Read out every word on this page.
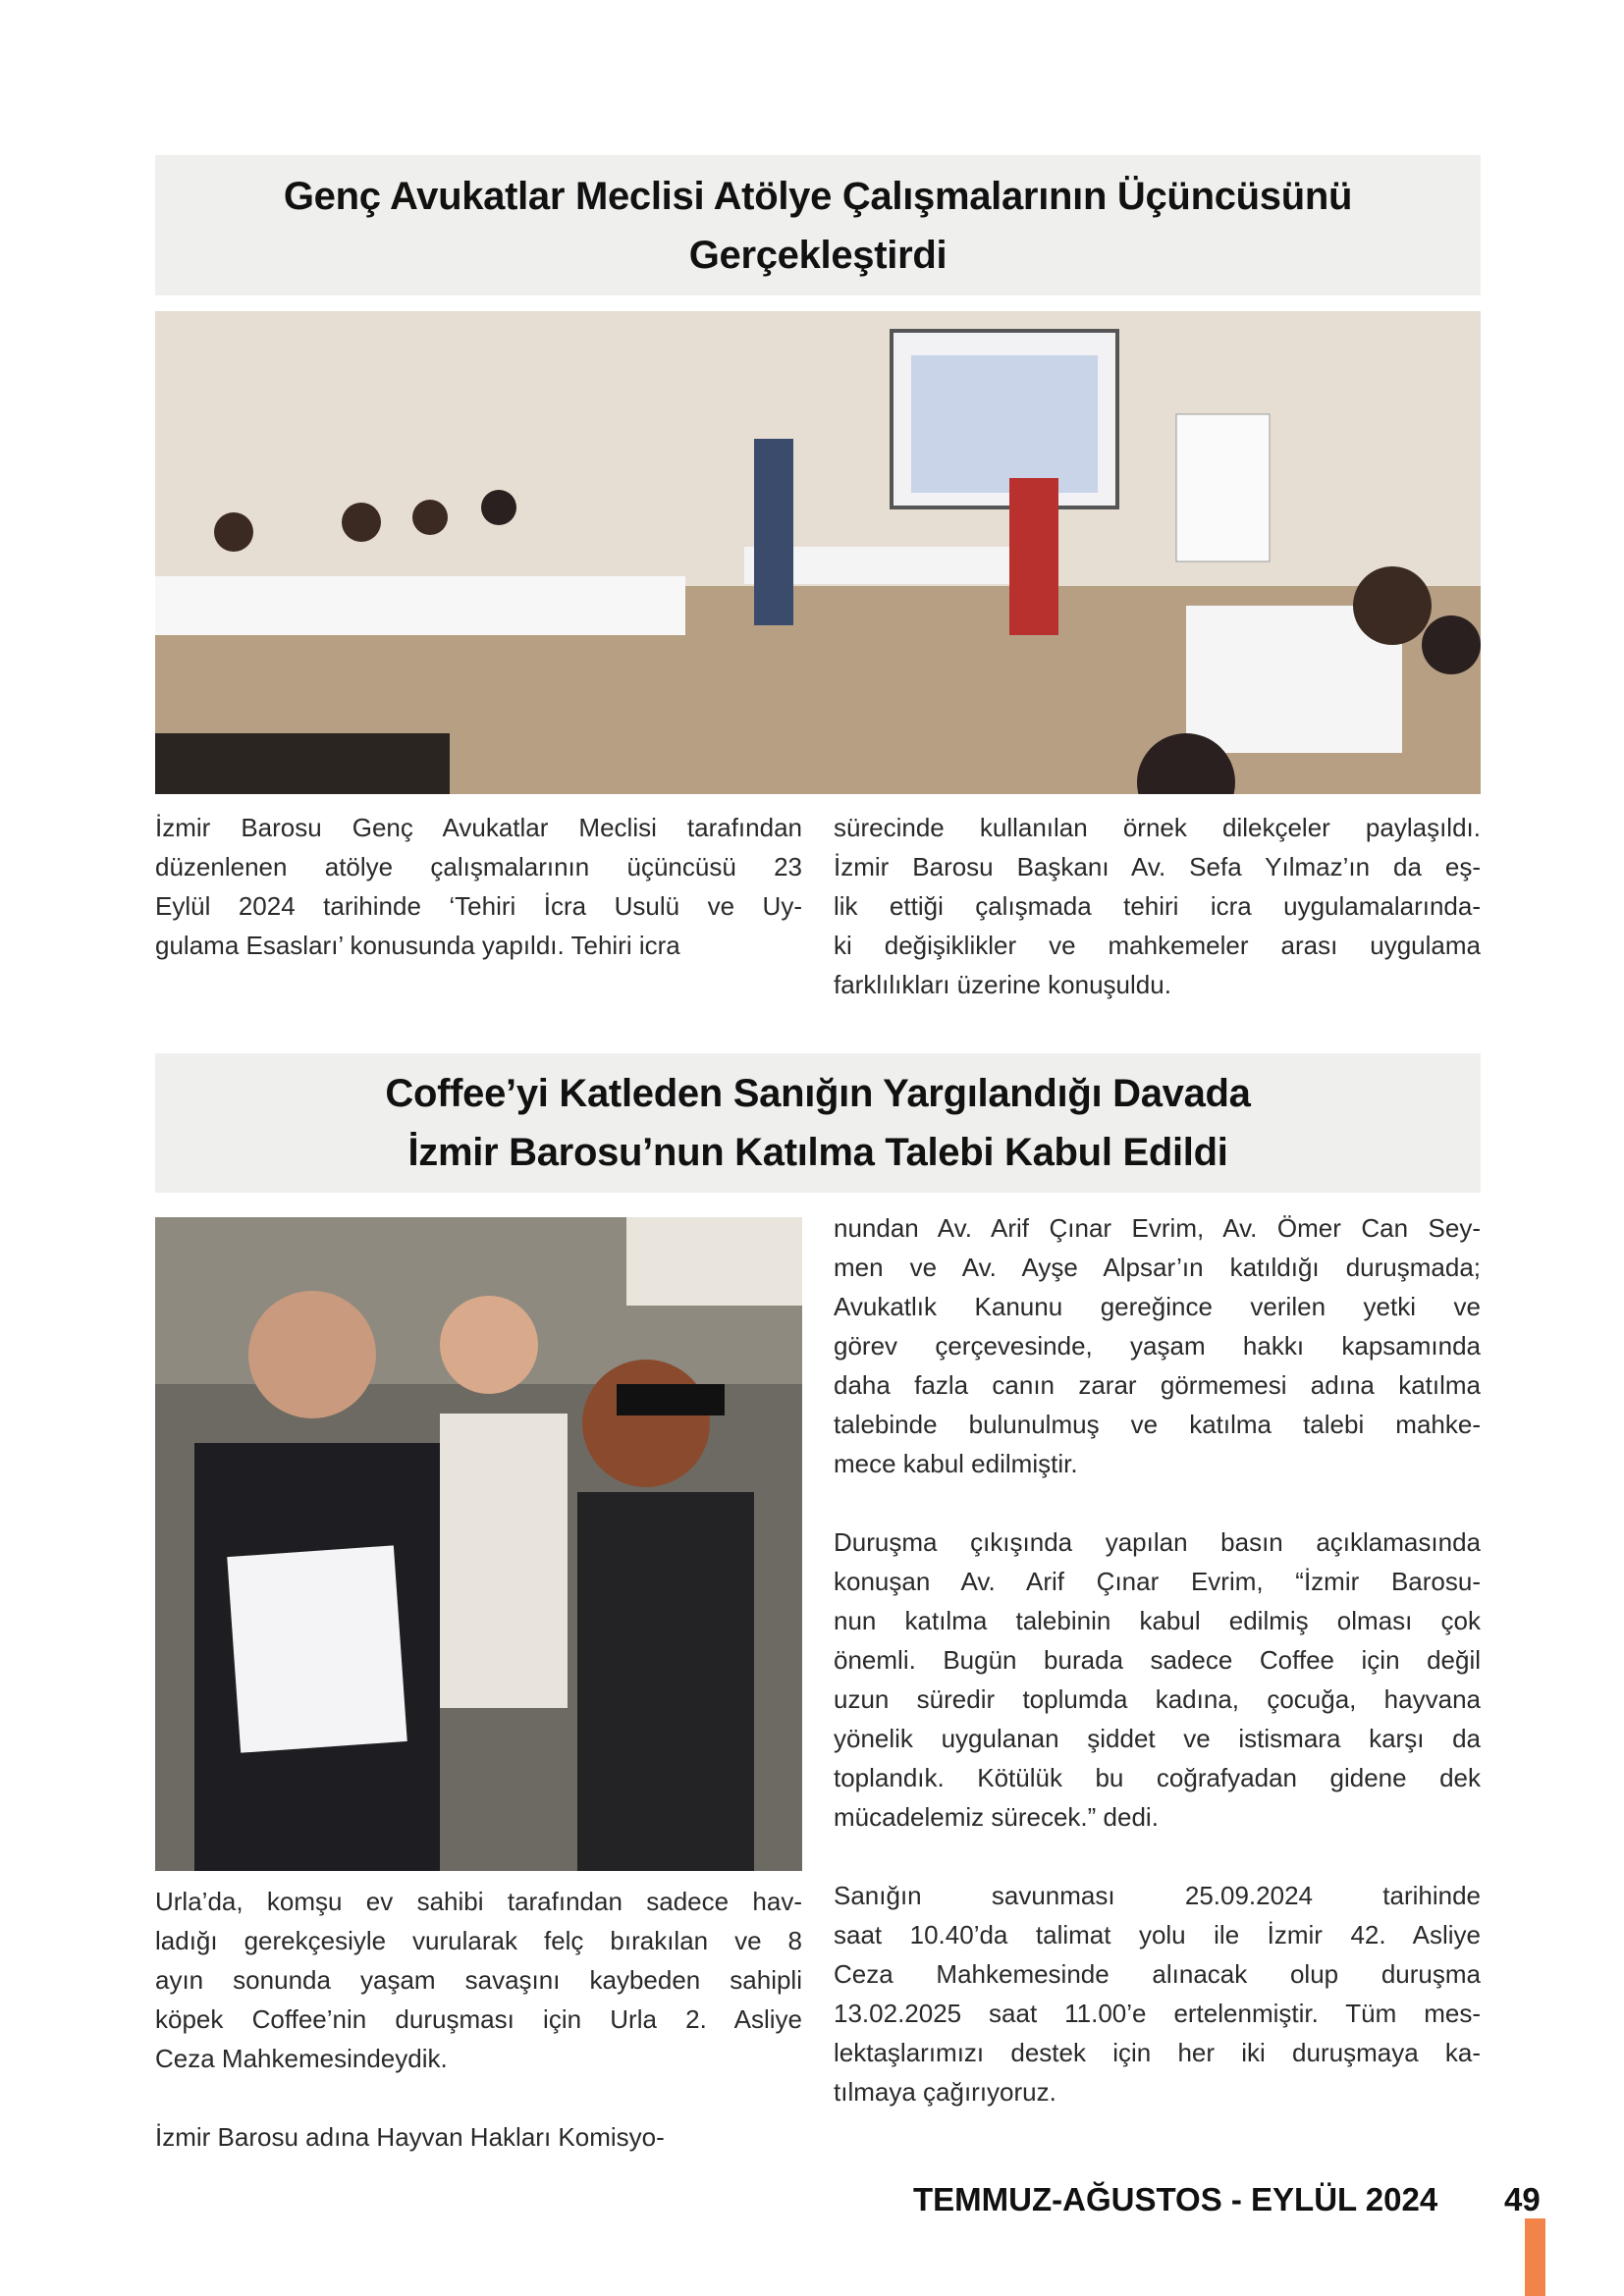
Genç Avukatlar Meclisi Atölye Çalışmalarının Üçüncüsünü
Gerçekleştirdi
İzmir Barosu Genç Avukatlar Meclisi tarafından
düzenlenen atölye çalışmalarının üçüncüsü 23
Eylül 2024 tarihinde ‘Tehiri İcra Usulü ve Uy-
gulama Esasları’ konusunda yapıldı. Tehiri icra
sürecinde kullanılan örnek dilekçeler paylaşıldı.
İzmir Barosu Başkanı Av. Sefa Yılmaz’ın da eş-
lik ettiği çalışmada tehiri icra uygulamalarında-
ki değişiklikler ve mahkemeler arası uygulama
farklılıkları üzerine konuşuldu.
Coffee’yi Katleden Sanığın Yargılandığı Davada
İzmir Barosu’nun Katılma Talebi Kabul Edildi
Urla’da, komşu ev sahibi tarafından sadece hav-
ladığı gerekçesiyle vurularak felç bırakılan ve 8
ayın sonunda yaşam savaşını kaybeden sahipli
köpek Coffee’nin duruşması için Urla 2. Asliye
Ceza Mahkemesindeydik.
İzmir Barosu adına Hayvan Hakları Komisyo-
nundan Av. Arif Çınar Evrim, Av. Ömer Can Sey-
men ve Av. Ayşe Alpsar’ın katıldığı duruşmada;
Avukatlık Kanunu gereğince verilen yetki ve
görev çerçevesinde, yaşam hakkı kapsamında
daha fazla canın zarar görmemesi adına katılma
talebinde bulunulmuş ve katılma talebi mahke-
mece kabul edilmiştir.
Duruşma çıkışında yapılan basın açıklamasında
konuşan Av. Arif Çınar Evrim, “İzmir Barosu-
nun katılma talebinin kabul edilmiş olması çok
önemli. Bugün burada sadece Coffee için değil
uzun süredir toplumda kadına, çocuğa, hayvana
yönelik uygulanan şiddet ve istismara karşı da
toplandık. Kötülük bu coğrafyadan gidene dek
mücadelemiz sürecek.” dedi.
Sanığın savunması 25.09.2024 tarihinde
saat 10.40’da talimat yolu ile İzmir 42. Asliye
Ceza Mahkemesinde alınacak olup duruşma
13.02.2025 saat 11.00’e ertelenmiştir. Tüm mes-
lektaşlarımızı destek için her iki duruşmaya ka-
tılmaya çağırıyoruz.
TEMMUZ-AĞUSTOS - EYLÜL 2024 49
